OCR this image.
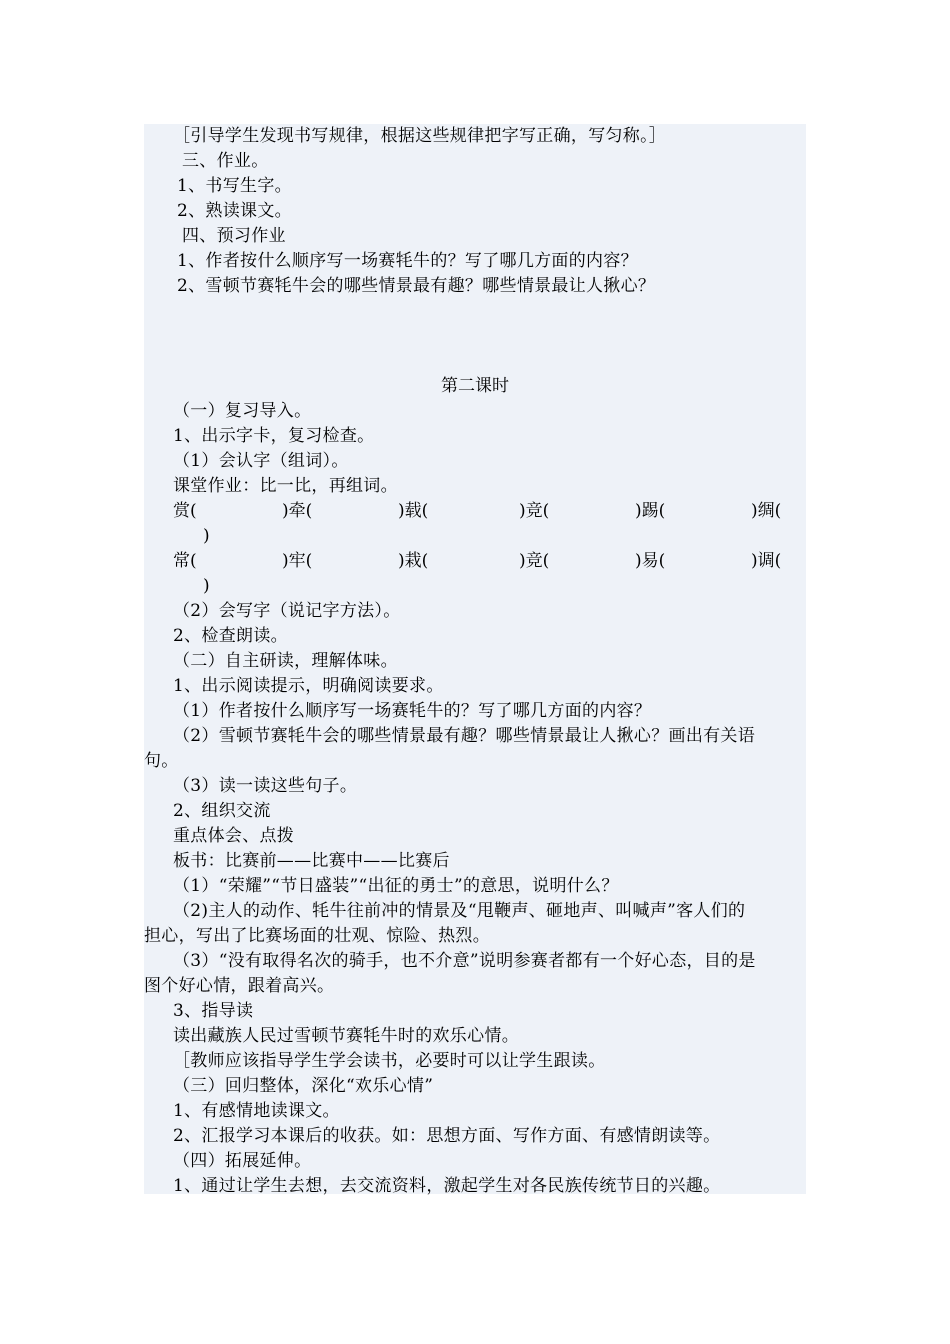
［引导学生发现书写规律，根据这些规律把字写正确，写匀称。］
三、作业。
1、书写生字。
2、熟读课文。
四、预习作业
1、作者按什么顺序写一场赛牦牛的？写了哪几方面的内容？
2、雪顿节赛牦牛会的哪些情景最有趣？哪些情景最让人揪心？
第二课时
（一）复习导入。
1、出示字卡，复习检查。
（1）会认字（组词）。
课堂作业：比一比，再组词。
赏(	)牵(	)载(	)竞(	)踢(	)绸(
)
常(	)牢(	)栽(	)竞(	)易(	)调(
)
（2）会写字（说记字方法）。
2、检查朗读。
（二）自主研读，理解体味。
1、出示阅读提示，明确阅读要求。
（1）作者按什么顺序写一场赛牦牛的？写了哪几方面的内容？
（2）雪顿节赛牦牛会的哪些情景最有趣？哪些情景最让人揪心？画出有关语
句。
（3）读一读这些句子。
2、组织交流
重点体会、点拨
板书：比赛前——比赛中——比赛后
（1）“荣耀”“节日盛装”“出征的勇士”的意思，说明什么？
（2)主人的动作、牦牛往前冲的情景及“甩鞭声、砸地声、叫喊声”客人们的
担心，写出了比赛场面的壮观、惊险、热烈。
（3）“没有取得名次的骑手，也不介意”说明参赛者都有一个好心态，目的是
图个好心情，跟着高兴。
3、指导读
读出藏族人民过雪顿节赛牦牛时的欢乐心情。
［教师应该指导学生学会读书，必要时可以让学生跟读。
（三）回归整体，深化“欢乐心情”
1、有感情地读课文。
2、汇报学习本课后的收获。如：思想方面、写作方面、有感情朗读等。
（四）拓展延伸。
1、通过让学生去想，去交流资料，激起学生对各民族传统节日的兴趣。
